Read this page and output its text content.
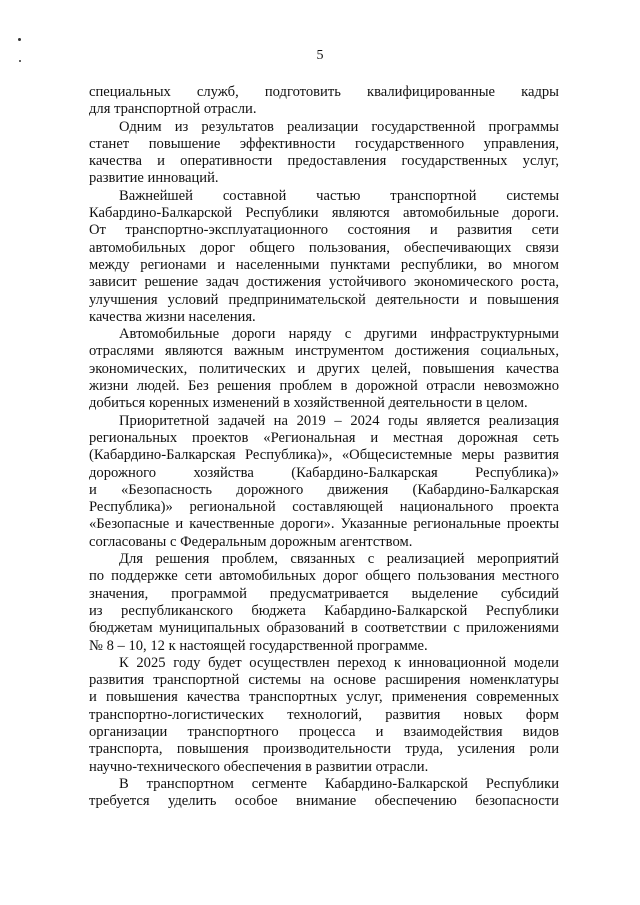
5
специальных служб, подготовить квалифицированные кадры
для транспортной отрасли.
Одним из результатов реализации государственной программы
станет повышение эффективности государственного управления,
качества и оперативности предоставления государственных услуг,
развитие инноваций.
Важнейшей составной частью транспортной системы
Кабардино-Балкарской Республики являются автомобильные дороги.
От транспортно-эксплуатационного состояния и развития сети
автомобильных дорог общего пользования, обеспечивающих связи
между регионами и населенными пунктами республики, во многом
зависит решение задач достижения устойчивого экономического роста,
улучшения условий предпринимательской деятельности и повышения
качества жизни населения.
Автомобильные дороги наряду с другими инфраструктурными
отраслями являются важным инструментом достижения социальных,
экономических, политических и других целей, повышения качества
жизни людей. Без решения проблем в дорожной отрасли невозможно
добиться коренных изменений в хозяйственной деятельности в целом.
Приоритетной задачей на 2019 – 2024 годы является реализация
региональных проектов «Региональная и местная дорожная сеть
(Кабардино-Балкарская Республика)», «Общесистемные меры развития
дорожного хозяйства (Кабардино-Балкарская Республика)»
и «Безопасность дорожного движения (Кабардино-Балкарская
Республика)» региональной составляющей национального проекта
«Безопасные и качественные дороги». Указанные региональные проекты
согласованы с Федеральным дорожным агентством.
Для решения проблем, связанных с реализацией мероприятий
по поддержке сети автомобильных дорог общего пользования местного
значения, программой предусматривается выделение субсидий
из республиканского бюджета Кабардино-Балкарской Республики
бюджетам муниципальных образований в соответствии с приложениями
№ 8 – 10, 12 к настоящей государственной программе.
К 2025 году будет осуществлен переход к инновационной модели
развития транспортной системы на основе расширения номенклатуры
и повышения качества транспортных услуг, применения современных
транспортно-логистических технологий, развития новых форм
организации транспортного процесса и взаимодействия видов
транспорта, повышения производительности труда, усиления роли
научно-технического обеспечения в развитии отрасли.
В транспортном сегменте Кабардино-Балкарской Республики
требуется уделить особое внимание обеспечению безопасности
